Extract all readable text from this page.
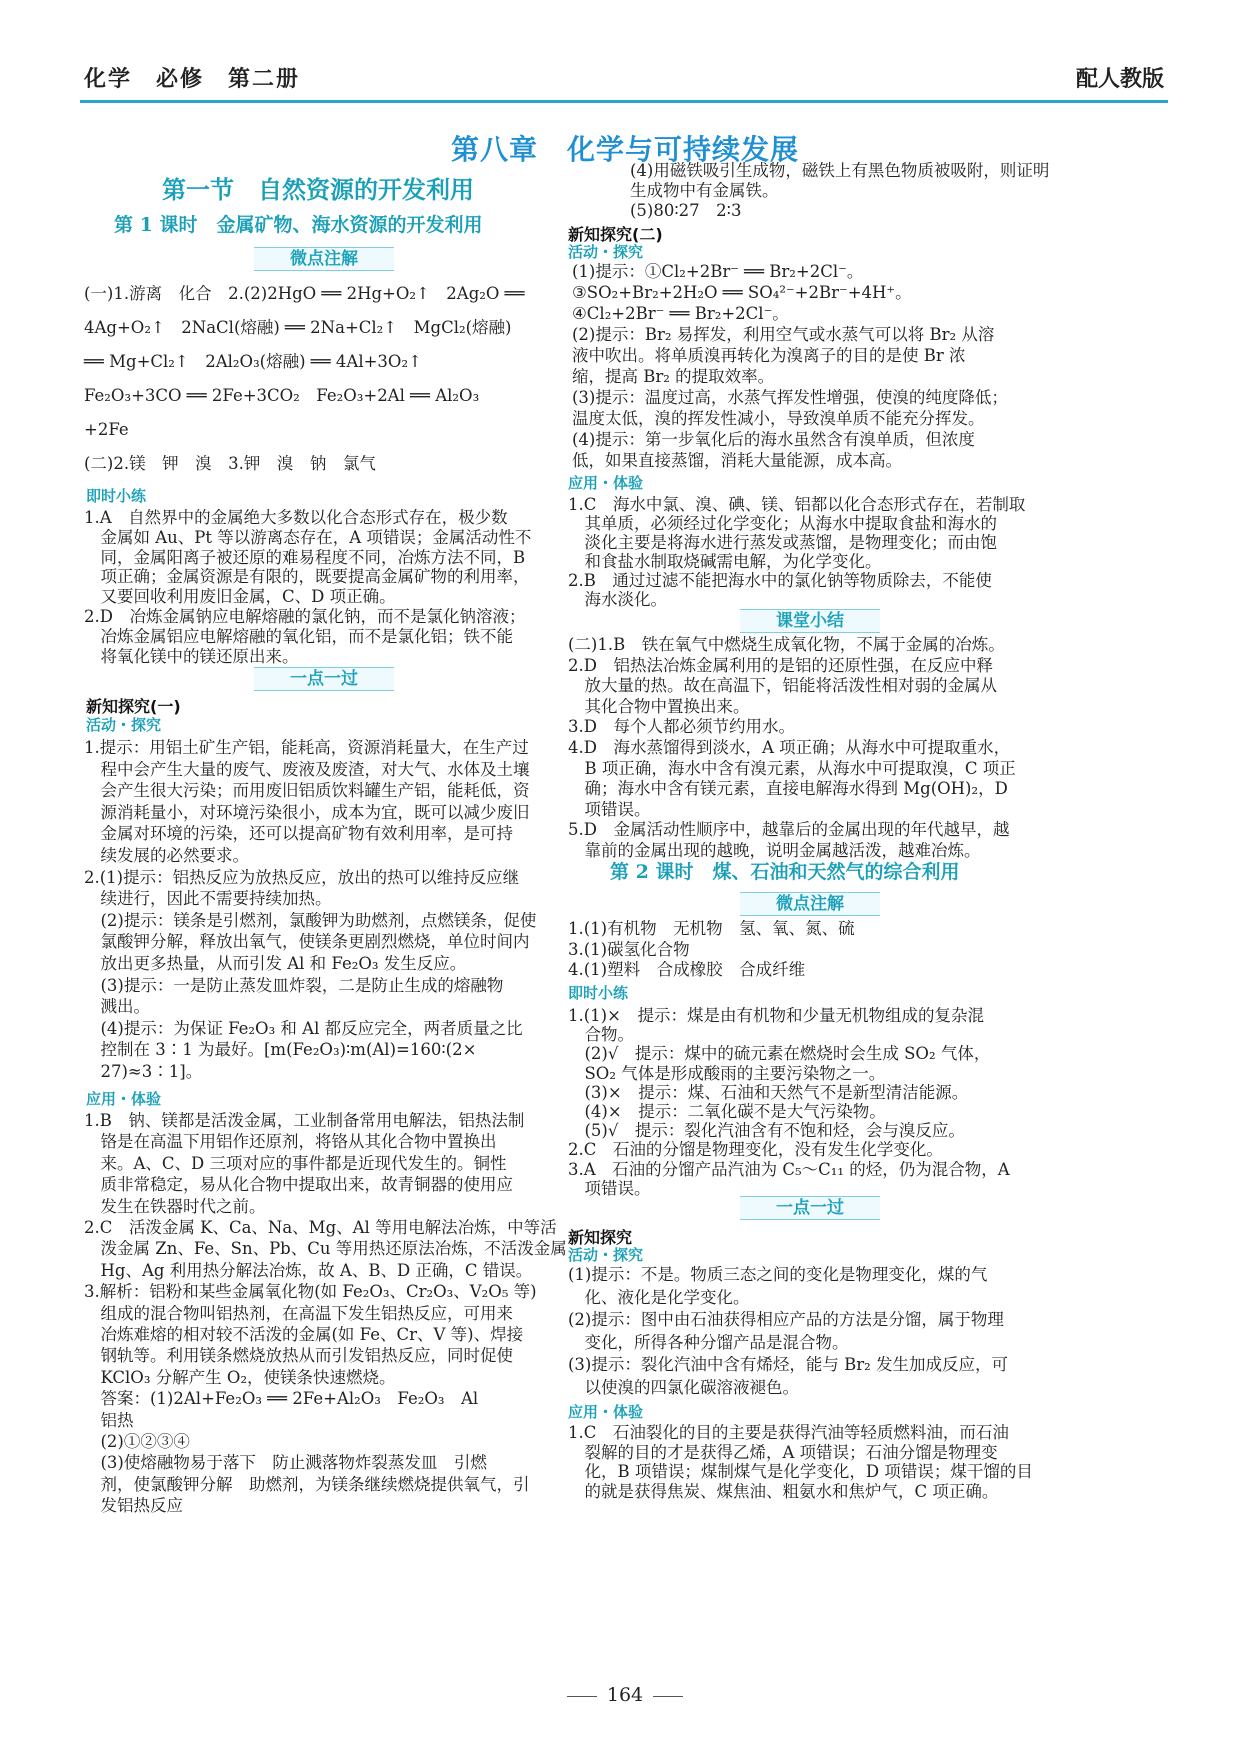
化学　必修　第二册	配人教版
第八章　化学与可持续发展
第一节　自然资源的开发利用
第 1 课时　金属矿物、海水资源的开发利用
微点注解
(一)1.游离　化合　2.(2)2HgO ══ 2Hg+O₂↑　2Ag₂O ══
4Ag+O₂↑　2NaCl(熔融) ══ 2Na+Cl₂↑　MgCl₂(熔融)
══ Mg+Cl₂↑　2Al₂O₃(熔融) ══ 4Al+3O₂↑
Fe₂O₃+3CO ══ 2Fe+3CO₂　Fe₂O₃+2Al ══ Al₂O₃
+2Fe
(二)2.镁　钾　溴　3.钾　溴　钠　氯气
即时小练
1.A　自然界中的金属绝大多数以化合态形式存在，极少数
　金属如 Au、Pt 等以游离态存在，A 项错误；金属活动性不
　同，金属阳离子被还原的难易程度不同，冶炼方法不同，B
　项正确；金属资源是有限的，既要提高金属矿物的利用率，
　又要回收利用废旧金属，C、D 项正确。
2.D　冶炼金属钠应电解熔融的氯化钠，而不是氯化钠溶液；
　冶炼金属铝应电解熔融的氧化铝，而不是氯化铝；铁不能
　将氧化镁中的镁还原出来。
一点一过
新知探究(一)
活动・探究
1.提示：用铝土矿生产铝，能耗高，资源消耗量大，在生产过
　程中会产生大量的废气、废液及废渣，对大气、水体及土壤
　会产生很大污染；而用废旧铝质饮料罐生产铝，能耗低，资
　源消耗量小，对环境污染很小，成本为宜，既可以减少废旧
　金属对环境的污染，还可以提高矿物有效利用率，是可持
　续发展的必然要求。
2.(1)提示：铝热反应为放热反应，放出的热可以维持反应继
　续进行，因此不需要持续加热。
　(2)提示：镁条是引燃剂，氯酸钾为助燃剂，点燃镁条，促使
　氯酸钾分解，释放出氧气，使镁条更剧烈燃烧，单位时间内
　放出更多热量，从而引发 Al 和 Fe₂O₃ 发生反应。
　(3)提示：一是防止蒸发皿炸裂，二是防止生成的熔融物
　溅出。
　(4)提示：为保证 Fe₂O₃ 和 Al 都反应完全，两者质量之比
　控制在 3∶1 为最好。[m(Fe₂O₃)∶m(Al)=160∶(2×
　27)≈3∶1]。
应用・体验
1.B　钠、镁都是活泼金属，工业制备常用电解法，铝热法制
　铬是在高温下用铝作还原剂，将铬从其化合物中置换出
　来。A、C、D 三项对应的事件都是近现代发生的。铜性
　质非常稳定，易从化合物中提取出来，故青铜器的使用应
　发生在铁器时代之前。
2.C　活泼金属 K、Ca、Na、Mg、Al 等用电解法冶炼，中等活
　泼金属 Zn、Fe、Sn、Pb、Cu 等用热还原法冶炼，不活泼金属
　Hg、Ag 利用热分解法冶炼，故 A、B、D 正确，C 错误。
3.解析：铝粉和某些金属氧化物(如 Fe₂O₃、Cr₂O₃、V₂O₅ 等)
　组成的混合物叫铝热剂，在高温下发生铝热反应，可用来
　冶炼难熔的相对较不活泼的金属(如 Fe、Cr、V 等)、焊接
　钢轨等。利用镁条燃烧放热从而引发铝热反应，同时促使
　KClO₃ 分解产生 O₂，使镁条快速燃烧。
　答案：(1)2Al+Fe₂O₃ ══ 2Fe+Al₂O₃　Fe₂O₃　Al
　铝热
　(2)①②③④
　(3)使熔融物易于落下　防止溅落物炸裂蒸发皿　引燃
　剂，使氯酸钾分解　助燃剂，为镁条继续燃烧提供氧气，引
　发铝热反应
(4)用磁铁吸引生成物，磁铁上有黑色物质被吸附，则证明
生成物中有金属铁。
(5)80∶27　2∶3
新知探究(二)
活动・探究
(1)提示：①Cl₂+2Br⁻ ══ Br₂+2Cl⁻。
③SO₂+Br₂+2H₂O ══ SO₄²⁻+2Br⁻+4H⁺。
④Cl₂+2Br⁻ ══ Br₂+2Cl⁻。
(2)提示：Br₂ 易挥发，利用空气或水蒸气可以将 Br₂ 从溶
液中吹出。将单质溴再转化为溴离子的目的是使 Br 浓
缩，提高 Br₂ 的提取效率。
(3)提示：温度过高，水蒸气挥发性增强，使溴的纯度降低；
温度太低，溴的挥发性减小，导致溴单质不能充分挥发。
(4)提示：第一步氧化后的海水虽然含有溴单质，但浓度
低，如果直接蒸馏，消耗大量能源，成本高。
应用・体验
1.C　海水中氯、溴、碘、镁、铝都以化合态形式存在，若制取
　其单质，必须经过化学变化；从海水中提取食盐和海水的
　淡化主要是将海水进行蒸发或蒸馏，是物理变化；而由饱
　和食盐水制取烧碱需电解，为化学变化。
2.B　通过过滤不能把海水中的氯化钠等物质除去，不能使
　海水淡化。
课堂小结
(二)1.B　铁在氧气中燃烧生成氧化物，不属于金属的冶炼。
2.D　铝热法冶炼金属利用的是铝的还原性强，在反应中释
　放大量的热。故在高温下，铝能将活泼性相对弱的金属从
　其化合物中置换出来。
3.D　每个人都必须节约用水。
4.D　海水蒸馏得到淡水，A 项正确；从海水中可提取重水，
　B 项正确，海水中含有溴元素，从海水中可提取溴，C 项正
　确；海水中含有镁元素，直接电解海水得到 Mg(OH)₂，D
　项错误。
5.D　金属活动性顺序中，越靠后的金属出现的年代越早，越
　靠前的金属出现的越晚，说明金属越活泼，越难冶炼。
第 2 课时　煤、石油和天然气的综合利用
微点注解
1.(1)有机物　无机物　氢、氧、氮、硫
3.(1)碳氢化合物
4.(1)塑料　合成橡胶　合成纤维
即时小练
1.(1)×　提示：煤是由有机物和少量无机物组成的复杂混
　合物。
　(2)√　提示：煤中的硫元素在燃烧时会生成 SO₂ 气体，
　SO₂ 气体是形成酸雨的主要污染物之一。
　(3)×　提示：煤、石油和天然气不是新型清洁能源。
　(4)×　提示：二氧化碳不是大气污染物。
　(5)√　提示：裂化汽油含有不饱和烃，会与溴反应。
2.C　石油的分馏是物理变化，没有发生化学变化。
3.A　石油的分馏产品汽油为 C₅～C₁₁ 的烃，仍为混合物，A
　项错误。
一点一过
新知探究
活动・探究
(1)提示：不是。物质三态之间的变化是物理变化，煤的气
　化、液化是化学变化。
(2)提示：图中由石油获得相应产品的方法是分馏，属于物理
　变化，所得各种分馏产品是混合物。
(3)提示：裂化汽油中含有烯烃，能与 Br₂ 发生加成反应，可
　以使溴的四氯化碳溶液褪色。
应用・体验
1.C　石油裂化的目的主要是获得汽油等轻质燃料油，而石油
　裂解的目的才是获得乙烯，A 项错误；石油分馏是物理变
　化，B 项错误；煤制煤气是化学变化，D 项错误；煤干馏的目
　的就是获得焦炭、煤焦油、粗氨水和焦炉气，C 项正确。
164
